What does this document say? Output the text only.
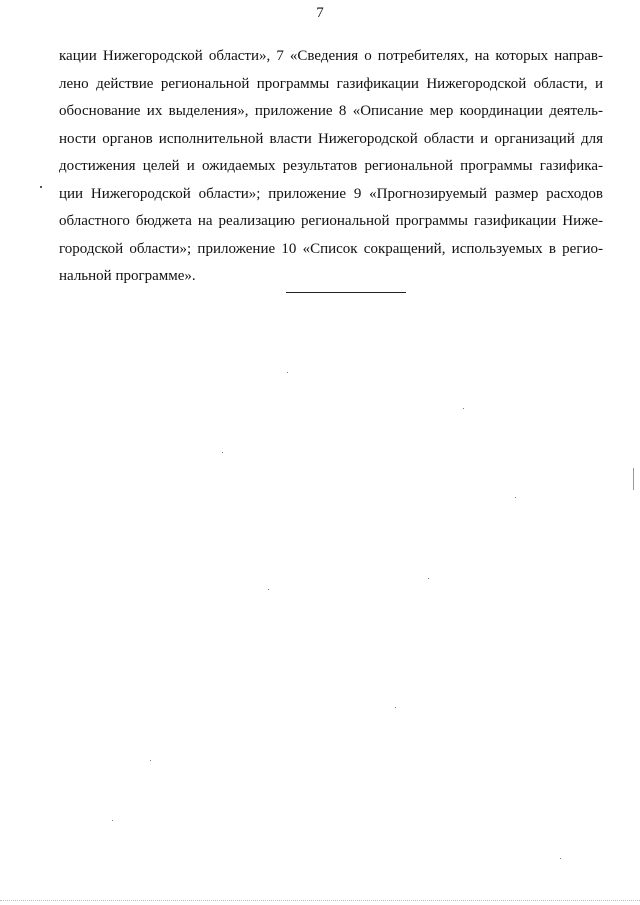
7
кации Нижегородской области», 7 «Сведения о потребителях, на которых направ-
лено действие региональной программы газификации Нижегородской области, и
обоснование их выделения», приложение 8 «Описание мер координации деятель-
ности органов исполнительной власти Нижегородской области и организаций для
достижения целей и ожидаемых результатов региональной программы газифика-
ции Нижегородской области»; приложение 9 «Прогнозируемый размер расходов
областного бюджета на реализацию региональной программы газификации Ниже-
городской области»; приложение 10 «Список сокращений, используемых в регио-
нальной программе».
